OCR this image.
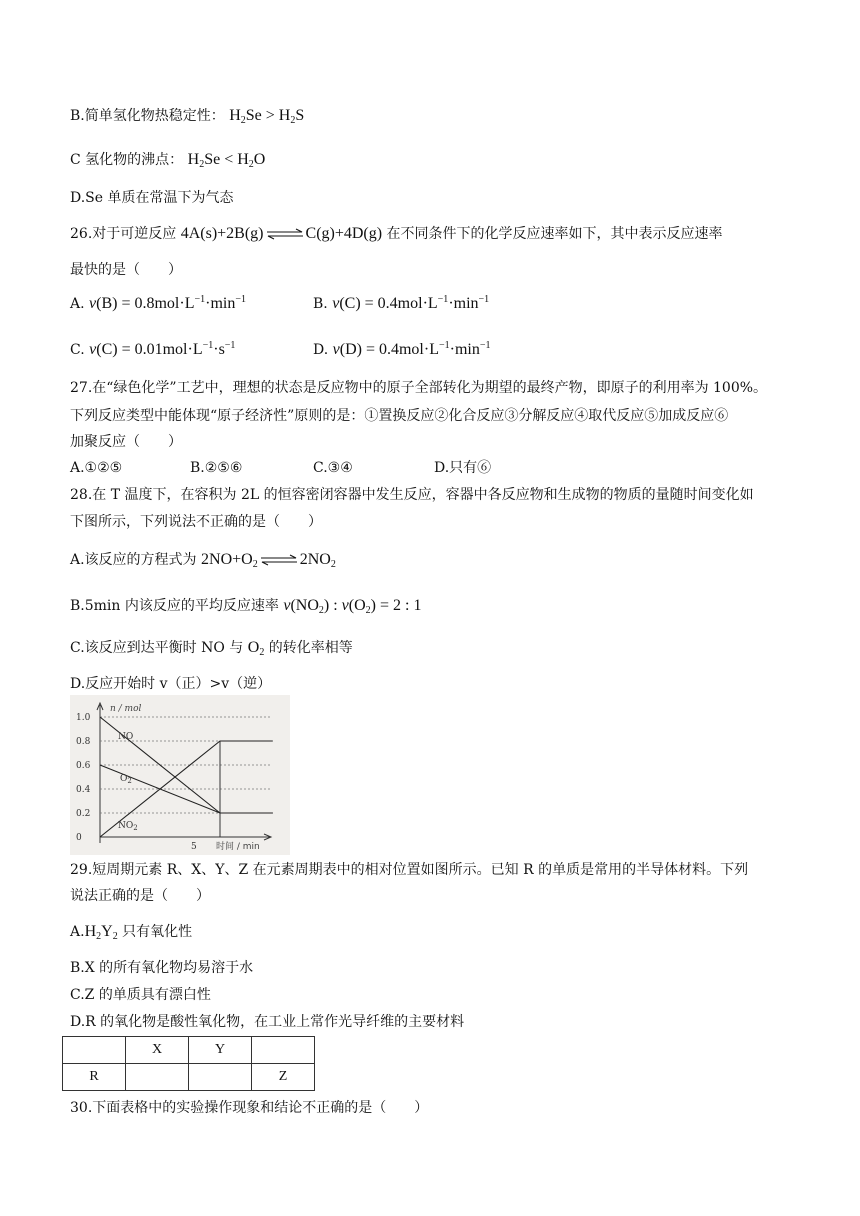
B.简单氢化物热稳定性： $H_2Se > H_2S$
C 氢化物的沸点： $H_2Se < H_2O$
D.Se 单质在常温下为气态
26.对于可逆反应 4A(s)+2B(g) ⇌ C(g)+4D(g) 在不同条件下的化学反应速率如下，其中表示反应速率
最快的是（　　）
A. $v(B) = 0.8mol\cdot L^{-1}\cdot\min^{-1}$	B. $v(C) = 0.4mol\cdot L^{-1}\cdot\min^{-1}$
C. $v(C) = 0.01mol\cdot L^{-1}\cdot s^{-1}$	D. $v(D) = 0.4mol\cdot L^{-1}\cdot\min^{-1}$
27.在“绿色化学”工艺中，理想的状态是反应物中的原子全部转化为期望的最终产物，即原子的利用率为 100%。
下列反应类型中能体现“原子经济性”原则的是：①置换反应②化合反应③分解反应④取代反应⑤加成反应⑥
加聚反应（　　）
A.①②⑤	B.②⑤⑥	C.③④	D.只有⑥
28.在 T 温度下，在容积为 2L 的恒容密闭容器中发生反应，容器中各反应物和生成物的物质的量随时间变化如
下图所示，下列说法不正确的是（　　）
A.该反应的方程式为 $2NO+O_2$ ⇌ $2NO_2$
B.5min 内该反应的平均反应速率 $v(NO_2)$ : $v(O_2) = 2$ : 1
C.该反应到达平衡时 NO 与 $O_2$ 的转化率相等
D.反应开始时 v（正）>v（逆）
n / mol
时间 / min
1.0
0.8
0.6
0.4
0.2
0
5
NO
$O_2$
$NO_2$
29.短周期元素 R、X、Y、Z 在元素周期表中的相对位置如图所示。已知 R 的单质是常用的半导体材料。下列
说法正确的是（　　）
$A.H_2Y_2$ 只有氧化性
B.X 的所有氧化物均易溶于水
C.Z 的单质具有漂白性
D.R 的氧化物是酸性氧化物，在工业上常作光导纤维的主要材料
	X	Y	
R			Z
30.下面表格中的实验操作现象和结论不正确的是（　　）
